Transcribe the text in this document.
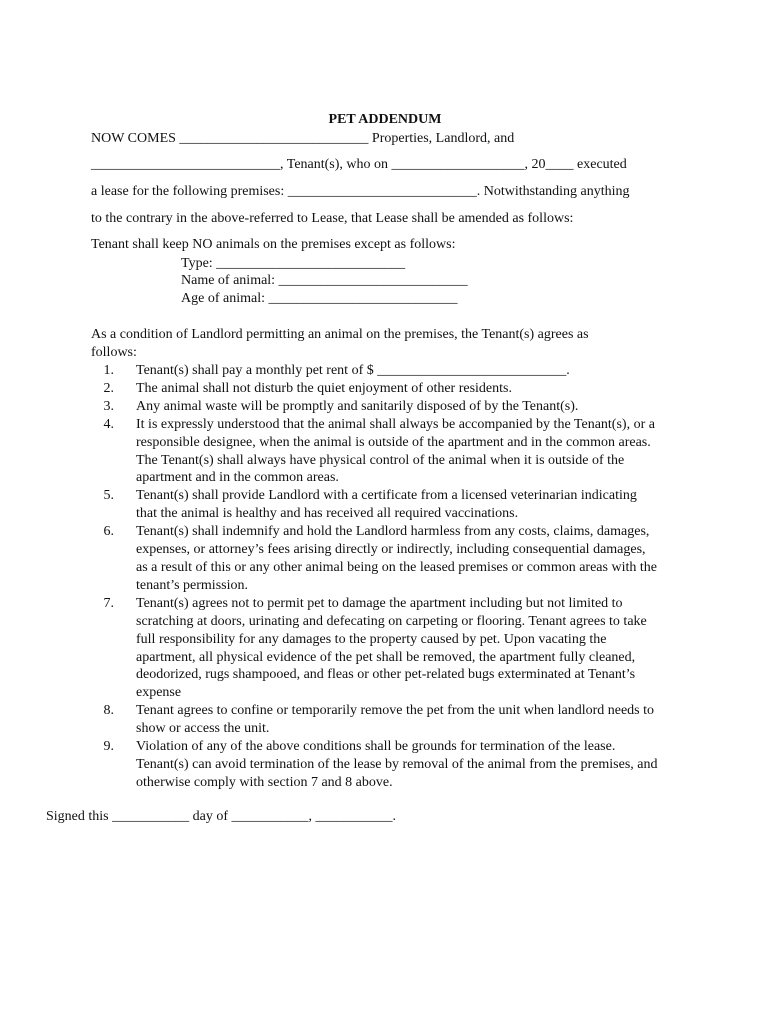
PET ADDENDUM
NOW COMES ___________________________ Properties, Landlord, and
___________________________, Tenant(s), who on ___________________, 20____ executed
a lease for the following premises: ___________________________. Notwithstanding anything
to the contrary in the above-referred to Lease, that Lease shall be amended as follows:
Tenant shall keep NO animals on the premises except as follows:
Type: ___________________________
Name of animal: ___________________________
Age of animal: ___________________________
As a condition of Landlord permitting an animal on the premises, the Tenant(s) agrees as
follows:
1. Tenant(s) shall pay a monthly pet rent of $ ___________________________.
2. The animal shall not disturb the quiet enjoyment of other residents.
3. Any animal waste will be promptly and sanitarily disposed of by the Tenant(s).
4. It is expressly understood that the animal shall always be accompanied by the Tenant(s), or a
responsible designee, when the animal is outside of the apartment and in the common areas.
The Tenant(s) shall always have physical control of the animal when it is outside of the
apartment and in the common areas.
5. Tenant(s) shall provide Landlord with a certificate from a licensed veterinarian indicating
that the animal is healthy and has received all required vaccinations.
6. Tenant(s) shall indemnify and hold the Landlord harmless from any costs, claims, damages,
expenses, or attorney’s fees arising directly or indirectly, including consequential damages,
as a result of this or any other animal being on the leased premises or common areas with the
tenant’s permission.
7. Tenant(s) agrees not to permit pet to damage the apartment including but not limited to
scratching at doors, urinating and defecating on carpeting or flooring. Tenant agrees to take
full responsibility for any damages to the property caused by pet. Upon vacating the
apartment, all physical evidence of the pet shall be removed, the apartment fully cleaned,
deodorized, rugs shampooed, and fleas or other pet-related bugs exterminated at Tenant’s
expense
8. Tenant agrees to confine or temporarily remove the pet from the unit when landlord needs to
show or access the unit.
9. Violation of any of the above conditions shall be grounds for termination of the lease.
Tenant(s) can avoid termination of the lease by removal of the animal from the premises, and
otherwise comply with section 7 and 8 above.
Signed this ___________ day of ___________, ___________.
